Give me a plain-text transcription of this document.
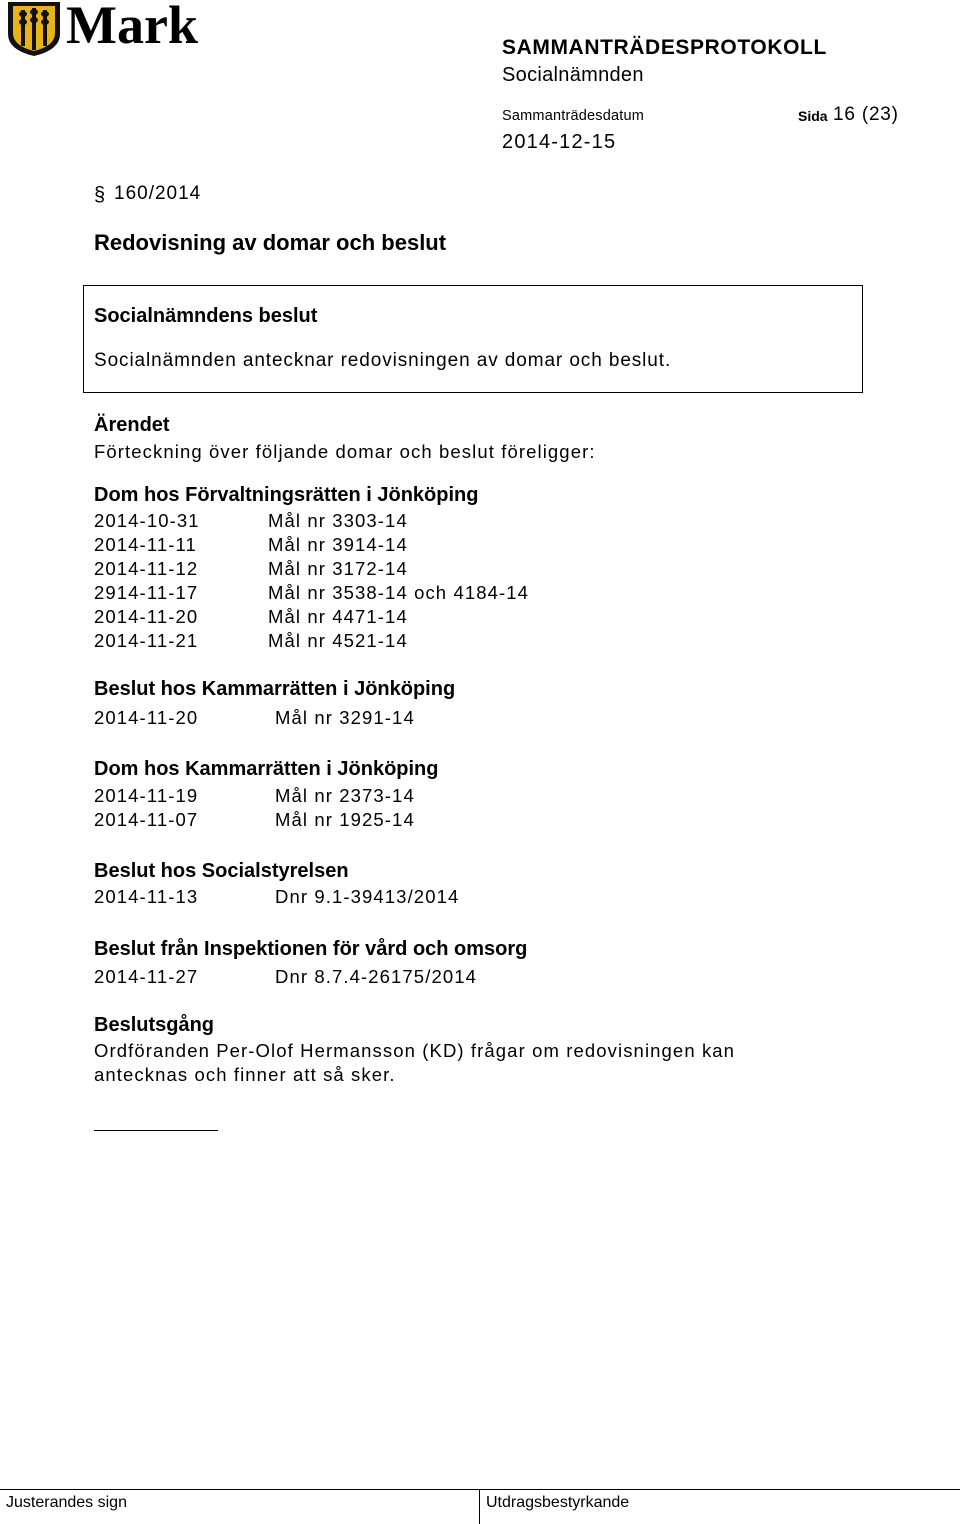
Mark	SAMMANTRÄDESPROTOKOLL
Socialnämnden
Sammanträdesdatum	Sida 16 (23)
2014-12-15
§ 160/2014
Redovisning av domar och beslut
Socialnämndens beslut
Socialnämnden antecknar redovisningen av domar och beslut.
Ärendet
Förteckning över följande domar och beslut föreligger:
Dom hos Förvaltningsrätten i Jönköping
2014-10-31	Mål nr 3303-14
2014-11-11	Mål nr 3914-14
2014-11-12	Mål nr 3172-14
2914-11-17	Mål nr 3538-14 och 4184-14
2014-11-20	Mål nr 4471-14
2014-11-21	Mål nr 4521-14
Beslut hos Kammarrätten i Jönköping
2014-11-20	Mål nr 3291-14
Dom hos Kammarrätten i Jönköping
2014-11-19	Mål nr 2373-14
2014-11-07	Mål nr 1925-14
Beslut hos Socialstyrelsen
2014-11-13	Dnr 9.1-39413/2014
Beslut från Inspektionen för vård och omsorg
2014-11-27	Dnr 8.7.4-26175/2014
Beslutsgång
Ordföranden Per-Olof Hermansson (KD) frågar om redovisningen kan
antecknas och finner att så sker.
Justerandes sign	Utdragsbestyrkande
